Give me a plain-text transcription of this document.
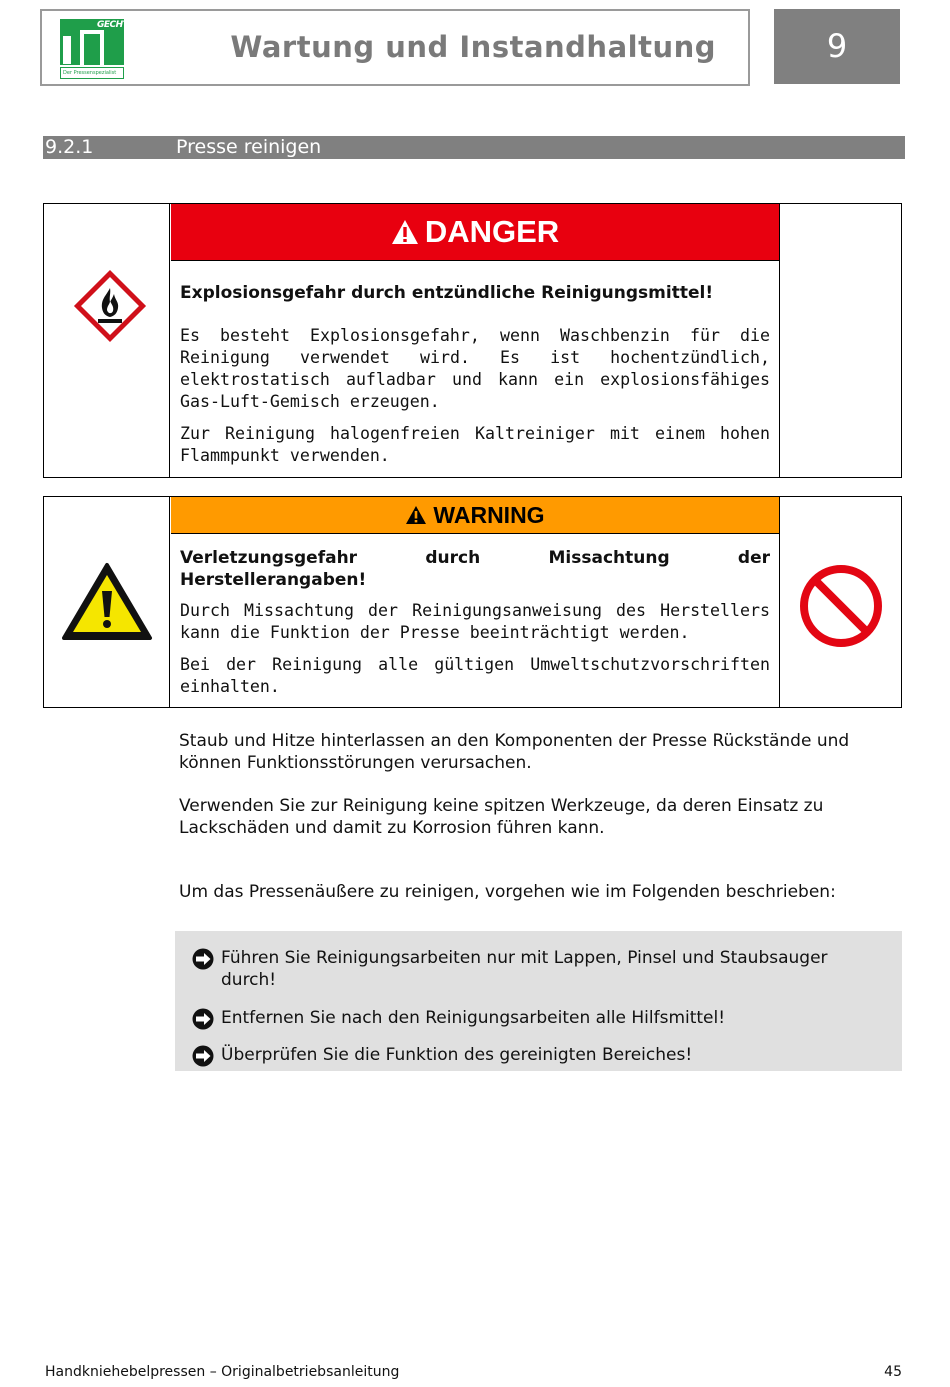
GECHTER
Der Pressenspezialist
Wartung und Instandhaltung	9
9.2.1	Presse reinigen
DANGER

Explosionsgefahr durch entzündliche Reinigungsmittel!

Es besteht Explosionsgefahr, wenn Waschbenzin für die Reinigung verwendet wird. Es ist hochentzündlich, elektrostatisch aufladbar und kann ein explosionsfähiges Gas-Luft-Gemisch erzeugen.

Zur Reinigung halogenfreien Kaltreiniger mit einem hohen Flammpunkt verwenden.

WARNING

Verletzungsgefahr durch Missachtung der Herstellerangaben!

Durch Missachtung der Reinigungsanweisung des Herstellers kann die Funktion der Presse beeinträchtigt werden.

Bei der Reinigung alle gültigen Umweltschutzvorschriften einhalten.

Staub und Hitze hinterlassen an den Komponenten der Presse Rückstände und
können Funktionsstörungen verursachen.
Verwenden Sie zur Reinigung keine spitzen Werkzeuge, da deren Einsatz zu
Lackschäden und damit zu Korrosion führen kann.
Um das Pressenäußere zu reinigen, vorgehen wie im Folgenden beschrieben:
Führen Sie Reinigungsarbeiten nur mit Lappen, Pinsel und Staubsauger durch!
Entfernen Sie nach den Reinigungsarbeiten alle Hilfsmittel!
Überprüfen Sie die Funktion des gereinigten Bereiches!
Handkniehebelpressen – Originalbetriebsanleitung	45
